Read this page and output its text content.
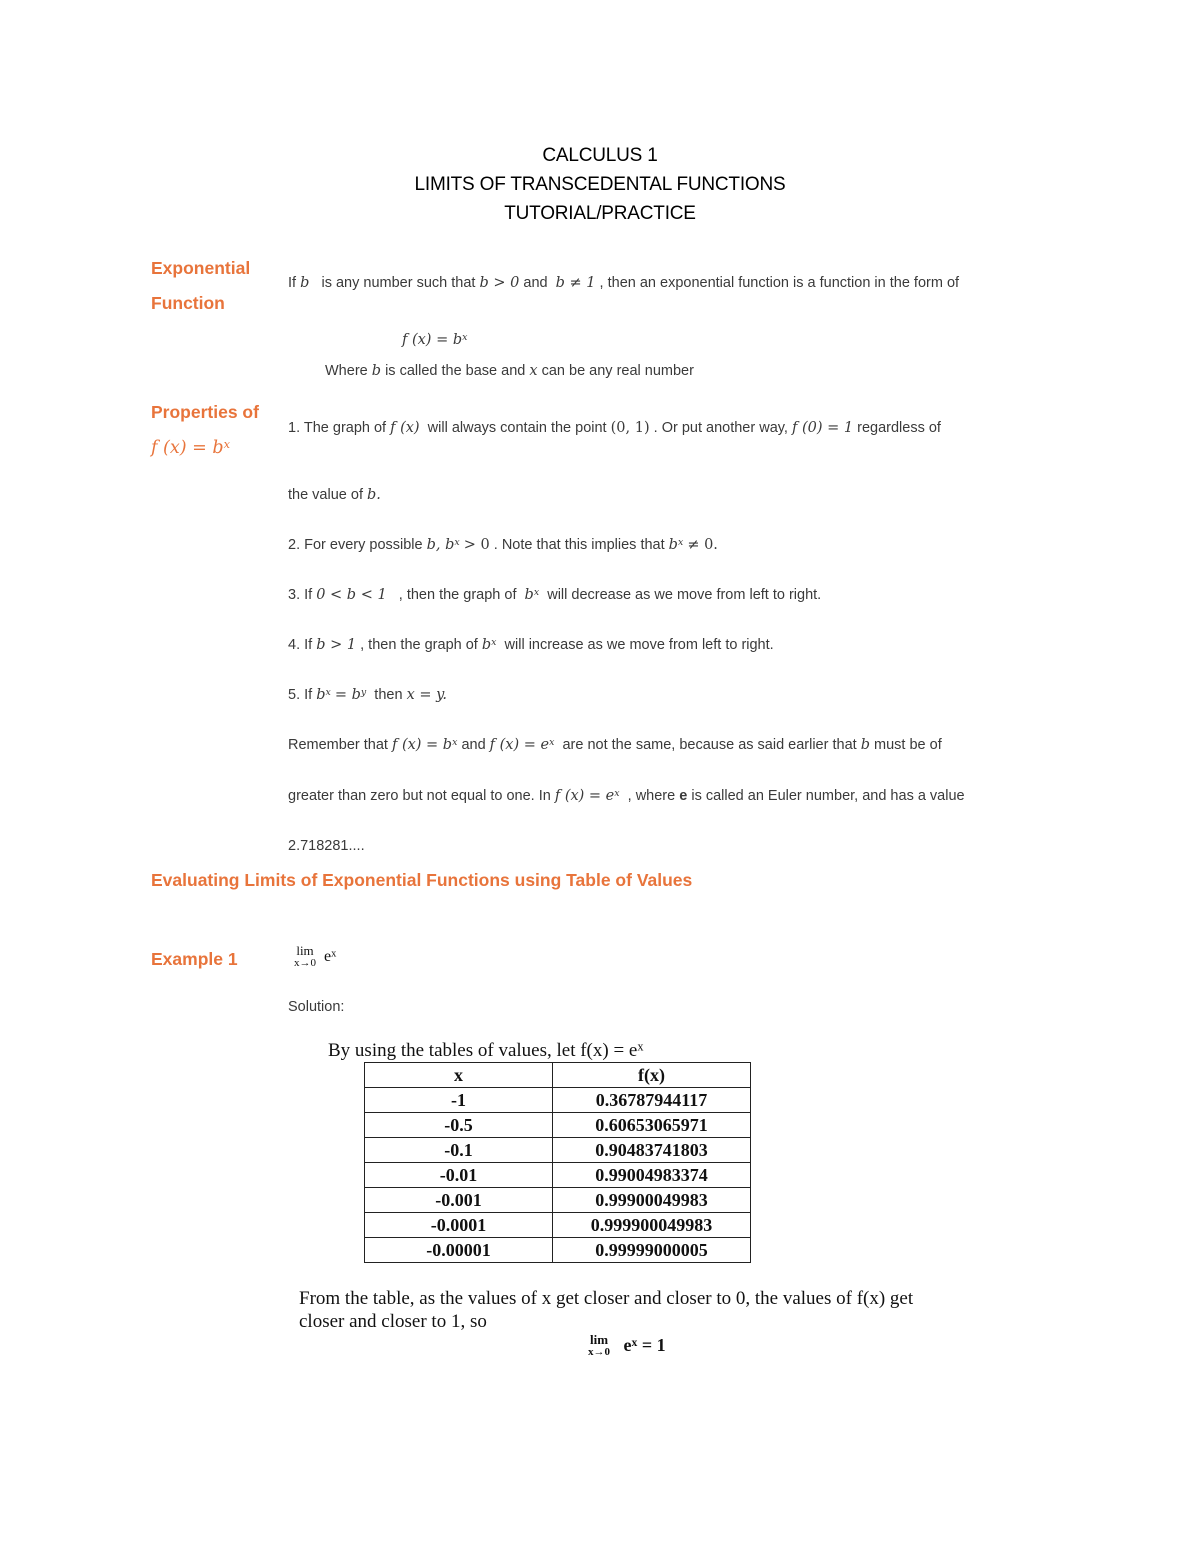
CALCULUS 1
LIMITS OF TRANSCEDENTAL FUNCTIONS
TUTORIAL/PRACTICE
Exponential
Function
If b is any number such that b > 0 and b ≠ 1 , then an exponential function is a function in the form of
f $(x) = b^x$
Where b is called the base and x can be any real number
Properties of
f $(x) = b^x$
1. The graph of f (x) will always contain the point (0, 1) . Or put another way, f (0) = 1 regardless of
the value of b.
2. For every possible b, $b^x > 0$ . Note that this implies that $b^x \ne 0$.
3. If 0 < b < 1 , then the graph of $b^x$ will decrease as we move from left to right.
4. If b > 1 , then the graph of $b^x$ will increase as we move from left to right.
5. If $b^x = b^y$ then x = y.
Remember that f $(x) = b^x$ and f $(x) = e^x$ are not the same, because as said earlier that b must be of
greater than zero but not equal to one. In f $(x) = e^x$ , where e is called an Euler number, and has a value
2.718281....
Evaluating Limits of Exponential Functions using Table of Values
Example 1	lim
x→0 $e^x$
Solution:
By using the tables of values, let $f(x) = e^x$
x	f(x)
-1	0.36787944117
-0.5	0.60653065971
-0.1	0.90483741803
-0.01	0.99004983374
-0.001	0.99900049983
-0.0001	0.999900049983
-0.00001	0.99999000005
From the table, as the values of x get closer and closer to 0, the values of f(x) get
closer and closer to 1, so
lim
x→0 $e^x = 1$
